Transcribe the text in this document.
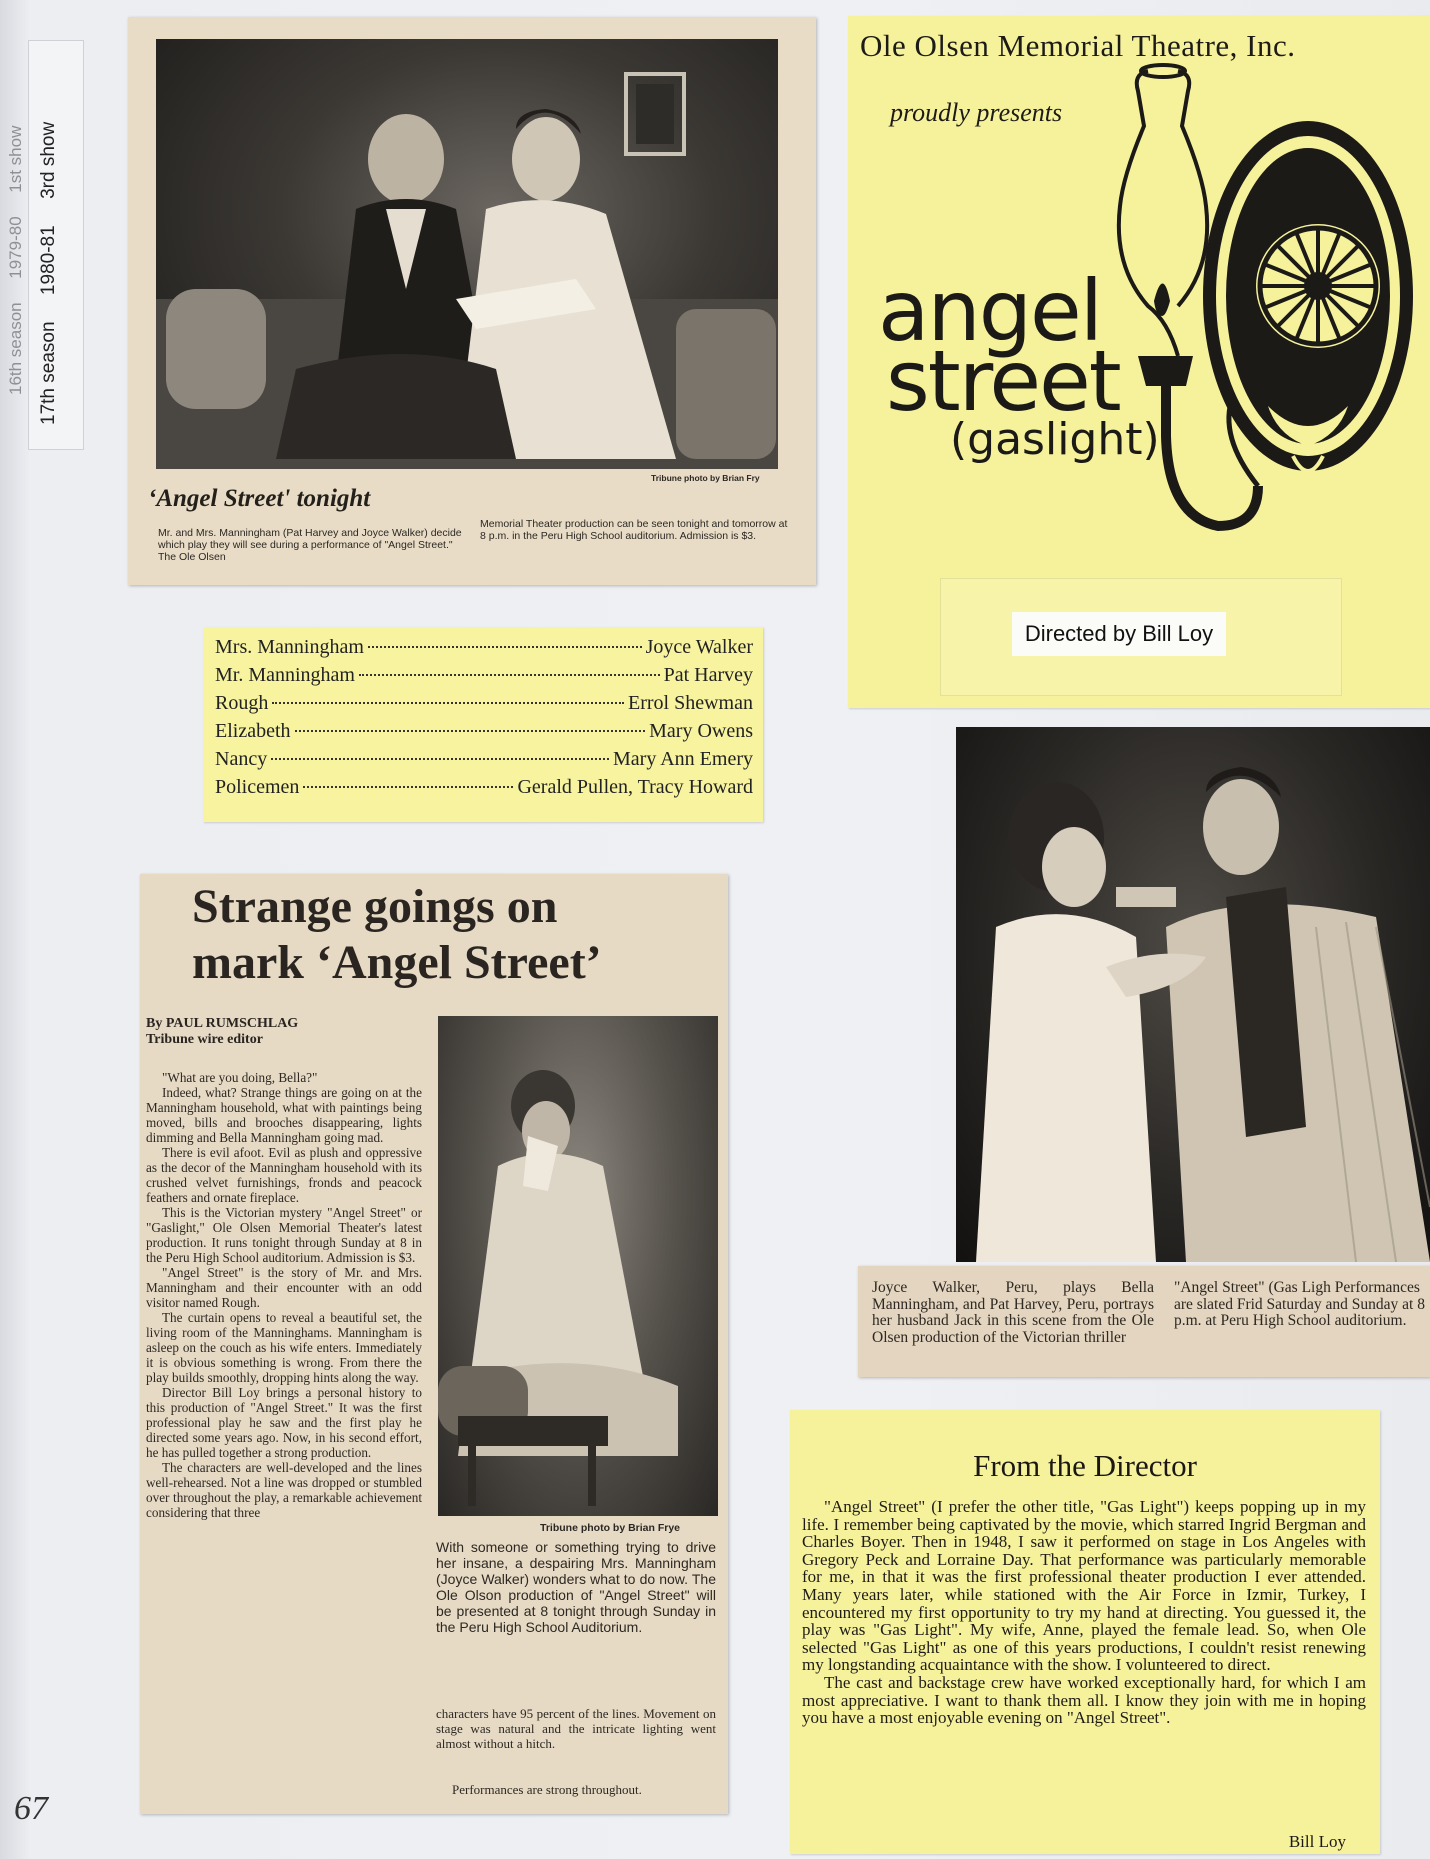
16th season     1979-80     1st show
17th season     1980-81     3rd show
Tribune photo by Brian Fry
‘Angel Street' tonight
Mr. and Mrs. Manningham (Pat Harvey and Joyce Walker) decide which play they will see during a performance of "Angel Street." The Ole Olsen
Memorial Theater production can be seen tonight and tomorrow at 8 p.m. in the Peru High School auditorium. Admission is $3.
Ole Olsen Memorial Theatre, Inc.
proudly presents
angel
street
(gaslight)
Directed by Bill Loy
Mrs. Manningham	Joyce Walker
Mr. Manningham	Pat Harvey
Rough	Errol Shewman
Elizabeth	Mary Owens
Nancy	Mary Ann Emery
Policemen	Gerald Pullen, Tracy Howard
Strange goings on
mark ‘Angel Street’
By PAUL RUMSCHLAG
Tribune wire editor

"What are you doing, Bella?"

Indeed, what? Strange things are going on at the Manningham household, what with paintings being moved, bills and brooches disappearing, lights dimming and Bella Manningham going mad.

There is evil afoot. Evil as plush and oppressive as the decor of the Manningham household with its crushed velvet furnishings, fronds and peacock feathers and ornate fireplace.

This is the Victorian mystery "Angel Street" or "Gaslight," Ole Olsen Memorial Theater's latest production. It runs tonight through Sunday at 8 in the Peru High School auditorium. Admission is $3.

"Angel Street" is the story of Mr. and Mrs. Manningham and their encounter with an odd visitor named Rough.

The curtain opens to reveal a beautiful set, the living room of the Manninghams. Manningham is asleep on the couch as his wife enters. Immediately it is obvious something is wrong. From there the play builds smoothly, dropping hints along the way.

Director Bill Loy brings a personal history to this production of "Angel Street." It was the first professional play he saw and the first play he directed some years ago. Now, in his second effort, he has pulled together a strong production.

The characters are well-developed and the lines well-rehearsed. Not a line was dropped or stumbled over throughout the play, a remarkable achievement considering that three

Tribune photo by Brian Frye
With someone or something trying to drive her insane, a despairing Mrs. Manningham (Joyce Walker) wonders what to do now. The Ole Olson production of "Angel Street" will be presented at 8 tonight through Sunday in the Peru High School Auditorium.
characters have 95 percent of the lines. Movement on stage was natural and the intricate lighting went almost without a hitch.
Performances are strong throughout.
Joyce Walker, Peru, plays Bella Manningham, and Pat Harvey, Peru, portrays her husband Jack in this scene from the Ole Olsen production of the Victorian thriller
"Angel Street" (Gas Ligh Performances are slated Frid Saturday and Sunday at 8 p.m. at Peru High School auditorium.
From the Director

"Angel Street" (I prefer the other title, "Gas Light") keeps popping up in my life. I remember being captivated by the movie, which starred Ingrid Bergman and Charles Boyer. Then in 1948, I saw it performed on stage in Los Angeles with Gregory Peck and Lorraine Day. That performance was particularly memorable for me, in that it was the first professional theater production I ever attended. Many years later, while stationed with the Air Force in Izmir, Turkey, I encountered my first opportunity to try my hand at directing. You guessed it, the play was "Gas Light". My wife, Anne, played the female lead. So, when Ole selected "Gas Light" as one of this years productions, I couldn't resist renewing my longstanding acquaintance with the show. I volunteered to direct.

The cast and backstage crew have worked exceptionally hard, for which I am most appreciative. I want to thank them all. I know they join with me in hoping you have a most enjoyable evening on "Angel Street".

Bill Loy
67
